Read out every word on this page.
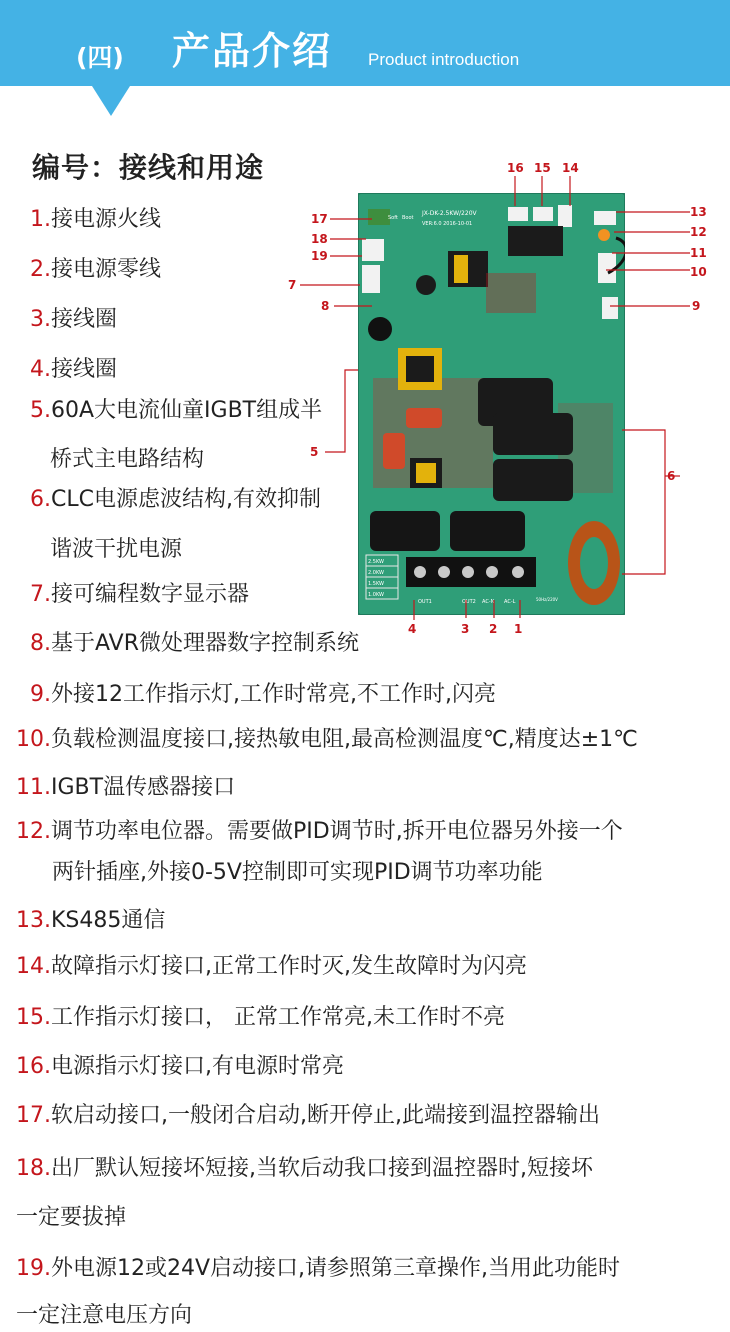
(四) 产品介绍 Product introduction
编号：接线和用途
1.接电源火线
2.接电源零线
3.接线圈
4.接线圈
5.60A大电流仙童IGBT组成半
桥式主电路结构
6.CLC电源虑波结构,有效抑制
谐波干扰电源
7.接可编程数字显示器
8.基于AVR微处理器数字控制系统
9.外接12工作指示灯,工作时常亮,不工作时,闪亮
10.负载检测温度接口,接热敏电阻,最高检测温度℃,精度达±1℃
11.IGBT温传感器接口
12.调节功率电位器。需要做PID调节时,拆开电位器另外接一个
两针插座,外接0-5V控制即可实现PID调节功率功能
13.KS485通信
14.故障指示灯接口,正常工作时灭,发生故障时为闪亮
15.工作指示灯接口， 正常工作常亮,未工作时不亮
16.电源指示灯接口,有电源时常亮
17.软启动接口,一般闭合启动,断开停止,此端接到温控器输出
18.出厂默认短接坏短接,当软后动我口接到温控器时,短接坏
一定要拔掉
19.外电源12或24V启动接口,请参照第三章操作,当用此功能时
一定注意电压方向
Soft Boot
JX-DK-2.5KW/220V
VER:6.0 2016-10-01
2.5KW
2.0KW
1.5KW
1.0KW
OUT1	OUT2 AC-N AC-L	50Hz/220V
1
2
3
4
5
6
7
8	9
10
11
12
13
14
15
16
17
18
19
